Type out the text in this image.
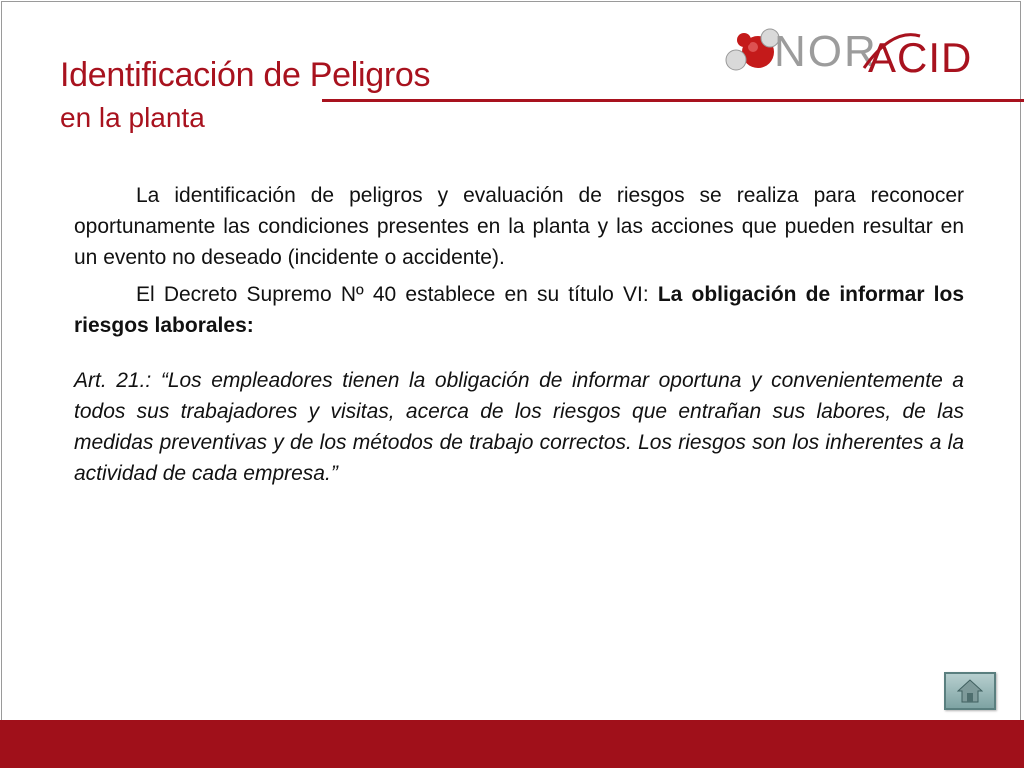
Identificación de Peligros
en la planta
NOR
ACID

La identificación de peligros y evaluación de riesgos se realiza para reconocer oportunamente las condiciones presentes en la planta y las acciones que pueden resultar en un evento no deseado (incidente o accidente).

El Decreto Supremo Nº 40 establece en su título VI: La obligación de informar los riesgos laborales:

Art. 21.: “Los empleadores tienen la obligación de informar oportuna y convenientemente a todos sus trabajadores y visitas, acerca de los riesgos que entrañan sus labores, de las medidas preventivas y de los métodos de trabajo correctos. Los riesgos son los inherentes a la actividad de cada empresa.”
